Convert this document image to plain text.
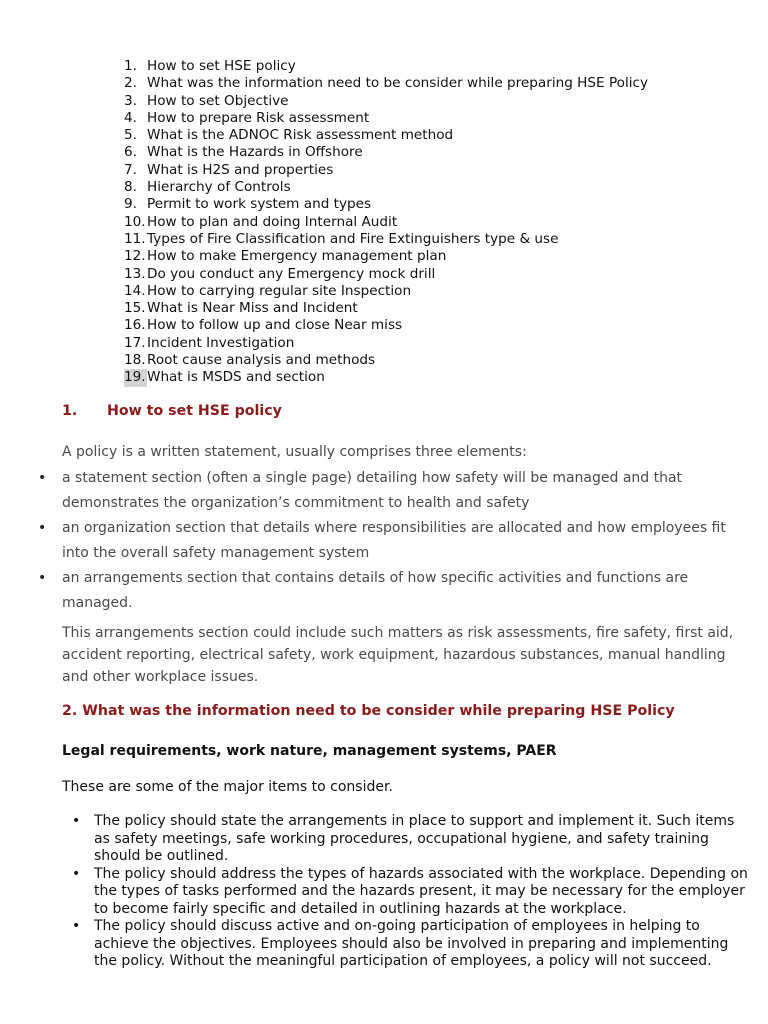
1. How to set HSE policy
2. What was the information need to be consider while preparing HSE Policy
3. How to set Objective
4. How to prepare Risk assessment
5. What is the ADNOC Risk assessment method
6. What is the Hazards in Offshore
7. What is H2S and properties
8. Hierarchy of Controls
9. Permit to work system and types
10.How to plan and doing Internal Audit
11.Types of Fire Classification and Fire Extinguishers type & use
12.How to make Emergency management plan
13.Do you conduct any Emergency mock drill
14.How to carrying regular site Inspection
15.What is Near Miss and Incident
16.How to follow up and close Near miss
17.Incident Investigation
18.Root cause analysis and methods
19.What is MSDS and section
1. How to set HSE policy
A policy is a written statement, usually comprises three elements:
• a statement section (often a single page) detailing how safety will be managed and that demonstrates the organization’s commitment to health and safety
• an organization section that details where responsibilities are allocated and how employees fit into the overall safety management system
• an arrangements section that contains details of how specific activities and functions are managed.
This arrangements section could include such matters as risk assessments, fire safety, first aid, accident reporting, electrical safety, work equipment, hazardous substances, manual handling and other workplace issues.
2. What was the information need to be consider while preparing HSE Policy
Legal requirements, work nature, management systems, PAER
These are some of the major items to consider.
• The policy should state the arrangements in place to support and implement it. Such items as safety meetings, safe working procedures, occupational hygiene, and safety training should be outlined.
• The policy should address the types of hazards associated with the workplace. Depending on the types of tasks performed and the hazards present, it may be necessary for the employer to become fairly specific and detailed in outlining hazards at the workplace.
• The policy should discuss active and on-going participation of employees in helping to achieve the objectives. Employees should also be involved in preparing and implementing the policy. Without the meaningful participation of employees, a policy will not succeed.
